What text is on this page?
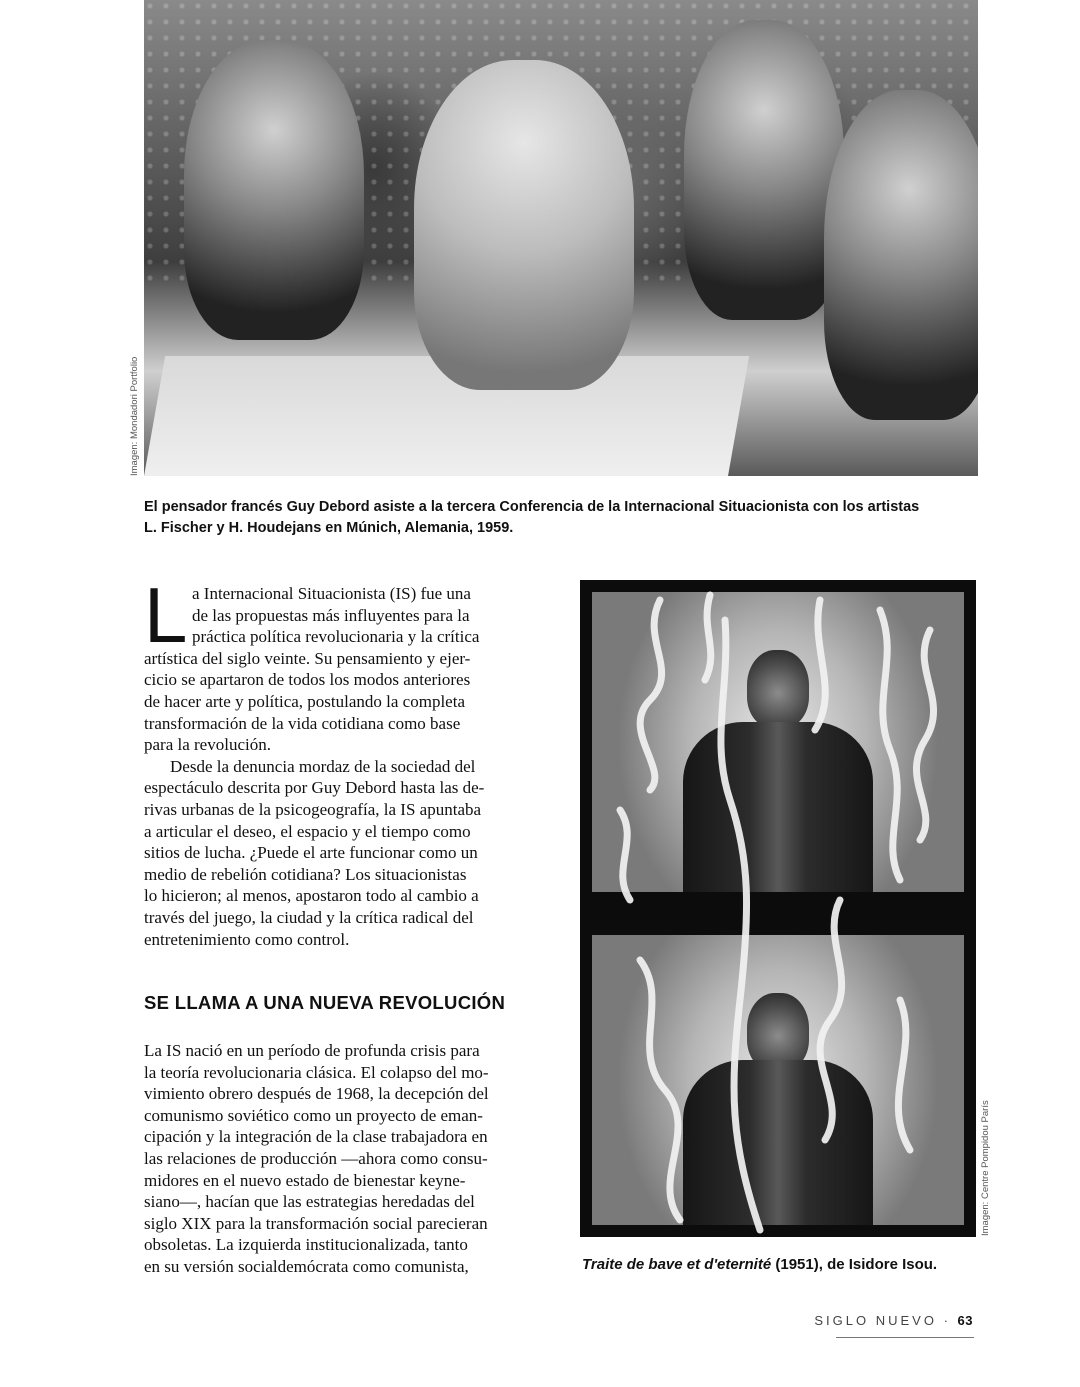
Imagen: Mondadori Portfolio
El pensador francés Guy Debord asiste a la tercera Conferencia de la Internacional Situacionista con los artistas
L. Fischer y H. Houdejans en Múnich, Alemania, 1959.
L a Internacional Situacionista (IS) fue una

de las propuestas más influyentes para la

práctica política revolucionaria y la crítica

artística del siglo veinte. Su pensamiento y ejer-

cicio se apartaron de todos los modos anteriores

de hacer arte y política, postulando la completa

transformación de la vida cotidiana como base

para la revolución.

Desde la denuncia mordaz de la sociedad del

espectáculo descrita por Guy Debord hasta las de-

rivas urbanas de la psicogeografía, la IS apuntaba

a articular el deseo, el espacio y el tiempo como

sitios de lucha. ¿Puede el arte funcionar como un

medio de rebelión cotidiana? Los situacionistas

lo hicieron; al menos, apostaron todo al cambio a

través del juego, la ciudad y la crítica radical del

entretenimiento como control.

SE LLAMA A UNA NUEVA REVOLUCIÓN

La IS nació en un período de profunda crisis para

la teoría revolucionaria clásica. El colapso del mo-

vimiento obrero después de 1968, la decepción del

comunismo soviético como un proyecto de eman-

cipación y la integración de la clase trabajadora en

las relaciones de producción —ahora como consu-

midores en el nuevo estado de bienestar keyne-

siano—, hacían que las estrategias heredadas del

siglo XIX para la transformación social parecieran

obsoletas. La izquierda institucionalizada, tanto

en su versión socialdemócrata como comunista,

Imagen: Centre Pompidou París
Traite de bave et d'eternité (1951), de Isidore Isou.
SIGLO NUEVO · 63
